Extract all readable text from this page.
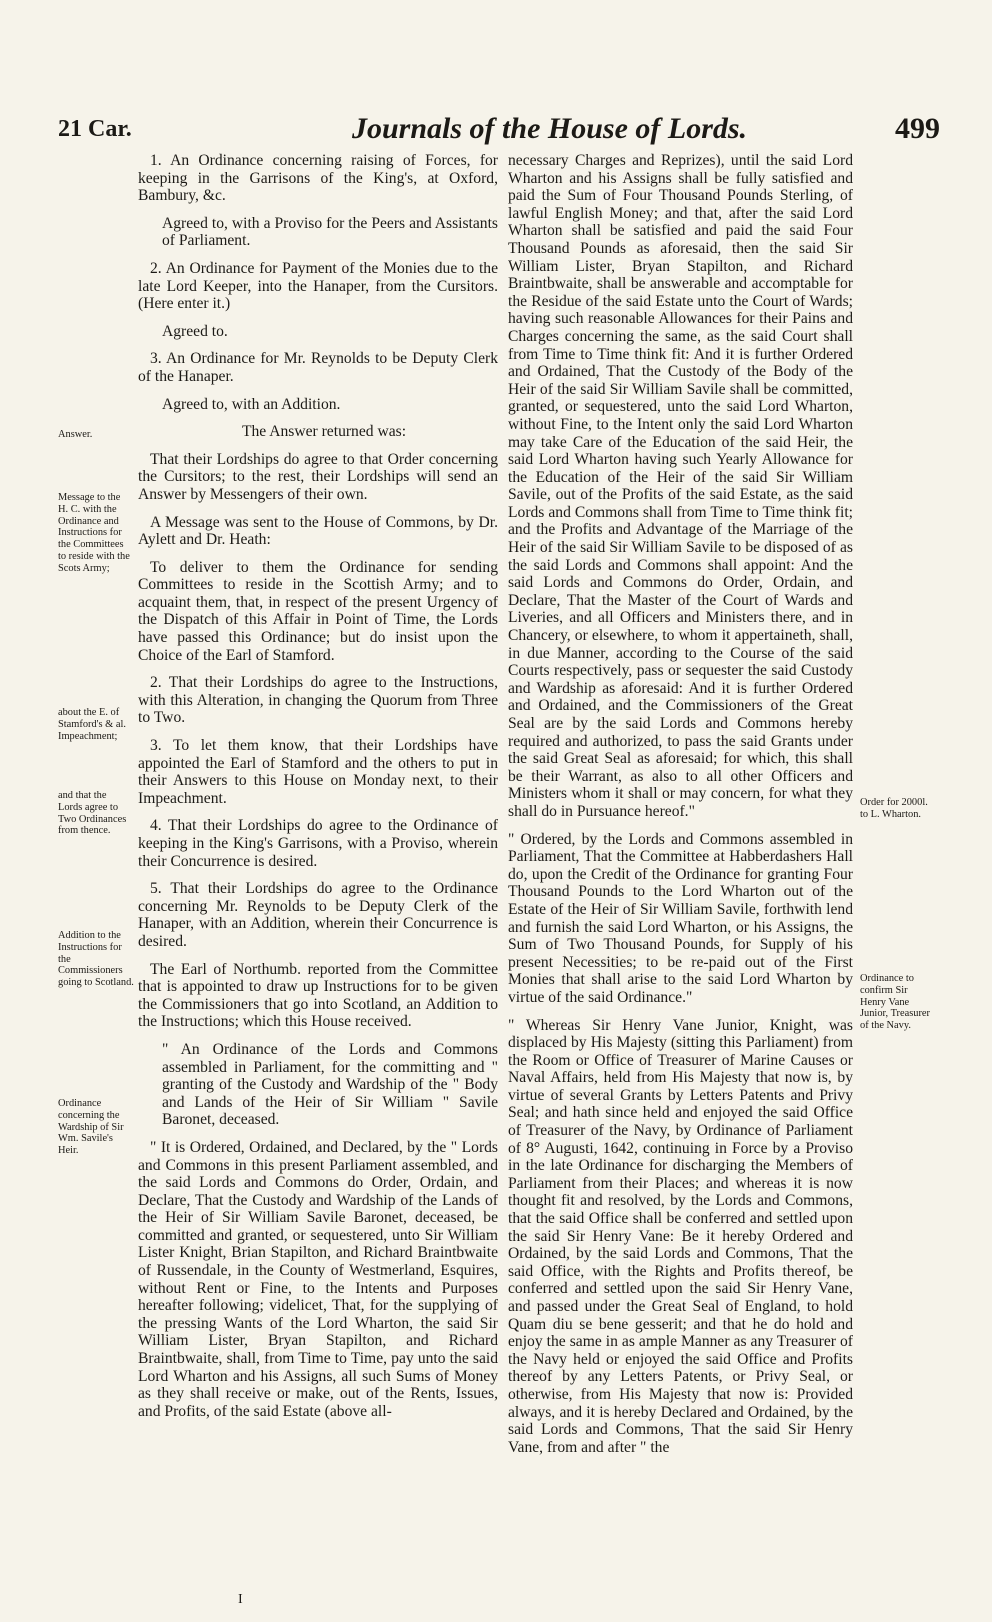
21 Car.	Journals of the House of Lords.	499
Answer.
Message to the H. C. with the Ordinance and Instructions for the Committees to reside with the Scots Army;
about the E. of Stamford's & al. Impeachment;
and that the Lords agree to Two Ordinances from thence.
Addition to the Instructions for the Commissioners going to Scotland.
Ordinance concerning the Wardship of Sir Wm. Savile's Heir.
Order for 2000l. to L. Wharton.
Ordinance to confirm Sir Henry Vane Junior, Treasurer of the Navy.

1. An Ordinance concerning raising of Forces, for keeping in the Garrisons of the King's, at Oxford, Bambury, &c.

Agreed to, with a Proviso for the Peers and Assistants of Parliament.

2. An Ordinance for Payment of the Monies due to the late Lord Keeper, into the Hanaper, from the Cursitors. (Here enter it.)

Agreed to.

3. An Ordinance for Mr. Reynolds to be Deputy Clerk of the Hanaper.

Agreed to, with an Addition.

The Answer returned was:

That their Lordships do agree to that Order concerning the Cursitors; to the rest, their Lordships will send an Answer by Messengers of their own.

A Message was sent to the House of Commons, by Dr. Aylett and Dr. Heath:

To deliver to them the Ordinance for sending Committees to reside in the Scottish Army; and to acquaint them, that, in respect of the present Urgency of the Dispatch of this Affair in Point of Time, the Lords have passed this Ordinance; but do insist upon the Choice of the Earl of Stamford.

2. That their Lordships do agree to the Instructions, with this Alteration, in changing the Quorum from Three to Two.

3. To let them know, that their Lordships have appointed the Earl of Stamford and the others to put in their Answers to this House on Monday next, to their Impeachment.

4. That their Lordships do agree to the Ordinance of keeping in the King's Garrisons, with a Proviso, wherein their Concurrence is desired.

5. That their Lordships do agree to the Ordinance concerning Mr. Reynolds to be Deputy Clerk of the Hanaper, with an Addition, wherein their Concurrence is desired.

The Earl of Northumb. reported from the Committee that is appointed to draw up Instructions for to be given the Commissioners that go into Scotland, an Addition to the Instructions; which this House received.

" An Ordinance of the Lords and Commons assembled in Parliament, for the committing and " granting of the Custody and Wardship of the " Body and Lands of the Heir of Sir William " Savile Baronet, deceased.

" It is Ordered, Ordained, and Declared, by the " Lords and Commons in this present Parliament assembled, and the said Lords and Commons do Order, Ordain, and Declare, That the Custody and Wardship of the Lands of the Heir of Sir William Savile Baronet, deceased, be committed and granted, or sequestered, unto Sir William Lister Knight, Brian Stapilton, and Richard Braintbwaite of Russendale, in the County of Westmerland, Esquires, without Rent or Fine, to the Intents and Purposes hereafter following; videlicet, That, for the supplying of the pressing Wants of the Lord Wharton, the said Sir William Lister, Bryan Stapilton, and Richard Braintbwaite, shall, from Time to Time, pay unto the said Lord Wharton and his Assigns, all such Sums of Money as they shall receive or make, out of the Rents, Issues, and Profits, of the said Estate (above all-

necessary Charges and Reprizes), until the said Lord Wharton and his Assigns shall be fully satisfied and paid the Sum of Four Thousand Pounds Sterling, of lawful English Money; and that, after the said Lord Wharton shall be satisfied and paid the said Four Thousand Pounds as aforesaid, then the said Sir William Lister, Bryan Stapilton, and Richard Braintbwaite, shall be answerable and accomptable for the Residue of the said Estate unto the Court of Wards; having such reasonable Allowances for their Pains and Charges concerning the same, as the said Court shall from Time to Time think fit: And it is further Ordered and Ordained, That the Custody of the Body of the Heir of the said Sir William Savile shall be committed, granted, or sequestered, unto the said Lord Wharton, without Fine, to the Intent only the said Lord Wharton may take Care of the Education of the said Heir, the said Lord Wharton having such Yearly Allowance for the Education of the Heir of the said Sir William Savile, out of the Profits of the said Estate, as the said Lords and Commons shall from Time to Time think fit; and the Profits and Advantage of the Marriage of the Heir of the said Sir William Savile to be disposed of as the said Lords and Commons shall appoint: And the said Lords and Commons do Order, Ordain, and Declare, That the Master of the Court of Wards and Liveries, and all Officers and Ministers there, and in Chancery, or elsewhere, to whom it appertaineth, shall, in due Manner, according to the Course of the said Courts respectively, pass or sequester the said Custody and Wardship as aforesaid: And it is further Ordered and Ordained, and the Commissioners of the Great Seal are by the said Lords and Commons hereby required and authorized, to pass the said Grants under the said Great Seal as aforesaid; for which, this shall be their Warrant, as also to all other Officers and Ministers whom it shall or may concern, for what they shall do in Pursuance hereof."

" Ordered, by the Lords and Commons assembled in Parliament, That the Committee at Habberdashers Hall do, upon the Credit of the Ordinance for granting Four Thousand Pounds to the Lord Wharton out of the Estate of the Heir of Sir William Savile, forthwith lend and furnish the said Lord Wharton, or his Assigns, the Sum of Two Thousand Pounds, for Supply of his present Necessities; to be re-paid out of the First Monies that shall arise to the said Lord Wharton by virtue of the said Ordinance."

" Whereas Sir Henry Vane Junior, Knight, was displaced by His Majesty (sitting this Parliament) from the Room or Office of Treasurer of Marine Causes or Naval Affairs, held from His Majesty that now is, by virtue of several Grants by Letters Patents and Privy Seal; and hath since held and enjoyed the said Office of Treasurer of the Navy, by Ordinance of Parliament of 8° Augusti, 1642, continuing in Force by a Proviso in the late Ordinance for discharging the Members of Parliament from their Places; and whereas it is now thought fit and resolved, by the Lords and Commons, that the said Office shall be conferred and settled upon the said Sir Henry Vane: Be it hereby Ordered and Ordained, by the said Lords and Commons, That the said Office, with the Rights and Profits thereof, be conferred and settled upon the said Sir Henry Vane, and passed under the Great Seal of England, to hold Quam diu se bene gesserit; and that he do hold and enjoy the same in as ample Manner as any Treasurer of the Navy held or enjoyed the said Office and Profits thereof by any Letters Patents, or Privy Seal, or otherwise, from His Majesty that now is: Provided always, and it is hereby Declared and Ordained, by the said Lords and Commons, That the said Sir Henry Vane, from and after " the

I
